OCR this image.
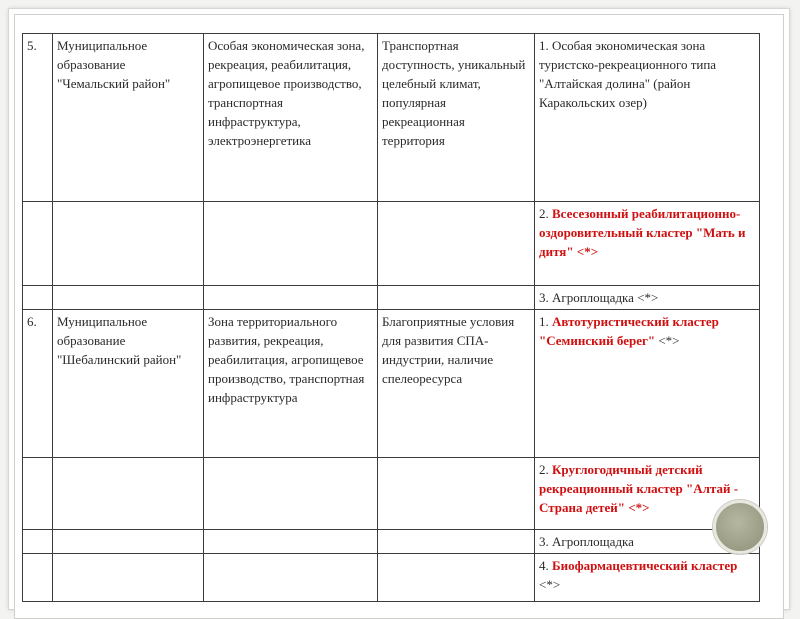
5.	Муниципальное образование "Чемальский район"	Особая экономическая зона, рекреация, реабилитация, агропищевое производство, транспортная инфраструктура, электроэнергетика	Транспортная доступность, уникальный целебный климат, популярная рекреационная территория	1. Особая экономическая зона туристско-рекреационного типа "Алтайская долина" (район Каракольских озер)
				2. Всесезонный реабилитационно-оздоровительный кластер "Мать и дитя" <*>
				3. Агроплощадка <*>
6.	Муниципальное образование "Шебалинский район"	Зона территориального развития, рекреация, реабилитация, агропищевое производство, транспортная инфраструктура	Благоприятные условия для развития СПА-индустрии, наличие спелеоресурса	1. Автотуристический кластер "Семинский берег" <*>
				2. Круглогодичный детский рекреационный кластер "Алтай - Страна детей" <*>
				3. Агроплощадка
				4. Биофармацевтический кластер <*>
